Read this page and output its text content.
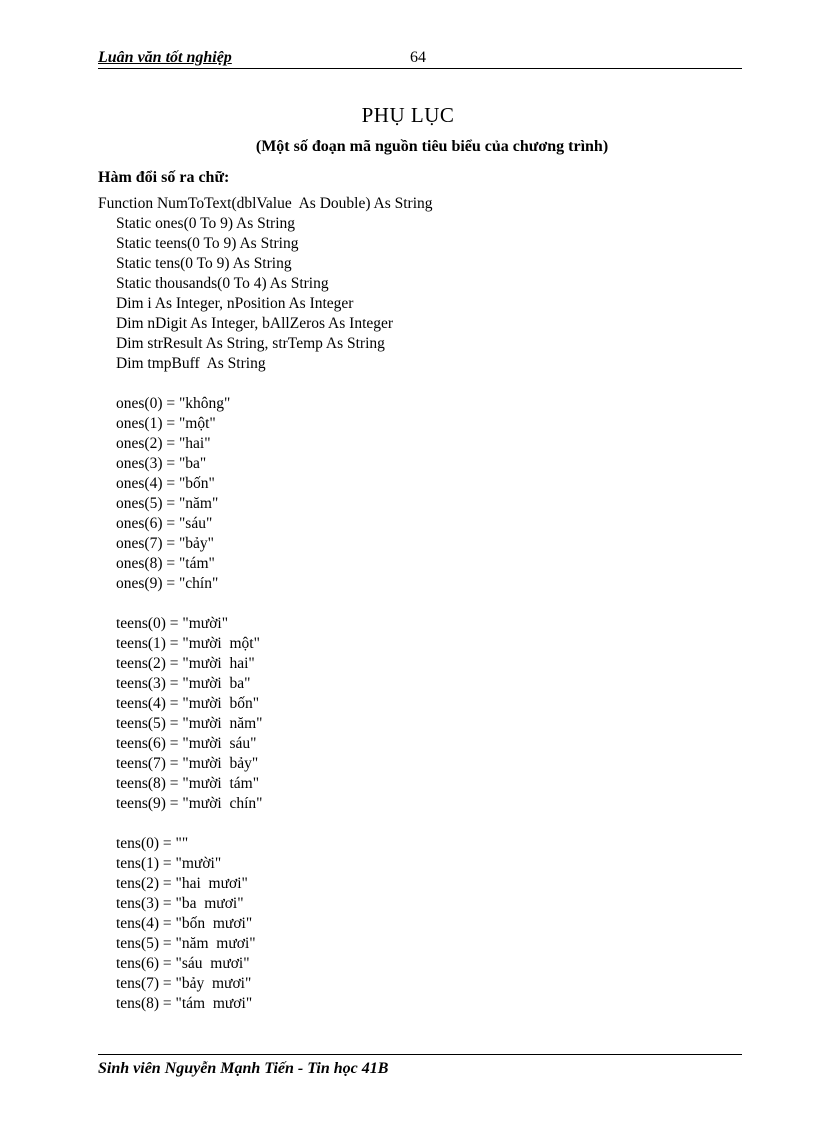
Luân văn tốt nghiệp	64
PHỤ LỤC
(Một số đoạn mã nguồn tiêu biểu của chương trình)
Hàm đổi số ra chữ:
Function NumToText(dblValue  As Double) As String
Static ones(0 To 9) As String
Static teens(0 To 9) As String
Static tens(0 To 9) As String
Static thousands(0 To 4) As String
Dim i As Integer, nPosition As Integer
Dim nDigit As Integer, bAllZeros As Integer
Dim strResult As String, strTemp As String
Dim tmpBuff  As String
ones(0) = "không"
ones(1) = "một"
ones(2) = "hai"
ones(3) = "ba"
ones(4) = "bốn"
ones(5) = "năm"
ones(6) = "sáu"
ones(7) = "bảy"
ones(8) = "tám"
ones(9) = "chín"
teens(0) = "mười"
teens(1) = "mười  một"
teens(2) = "mười  hai"
teens(3) = "mười  ba"
teens(4) = "mười  bốn"
teens(5) = "mười  năm"
teens(6) = "mười  sáu"
teens(7) = "mười  bảy"
teens(8) = "mười  tám"
teens(9) = "mười  chín"
tens(0) = ""
tens(1) = "mười"
tens(2) = "hai  mươi"
tens(3) = "ba  mươi"
tens(4) = "bốn  mươi"
tens(5) = "năm  mươi"
tens(6) = "sáu  mươi"
tens(7) = "bảy  mươi"
tens(8) = "tám  mươi"
Sinh viên Nguyễn Mạnh Tiến - Tin học 41B
